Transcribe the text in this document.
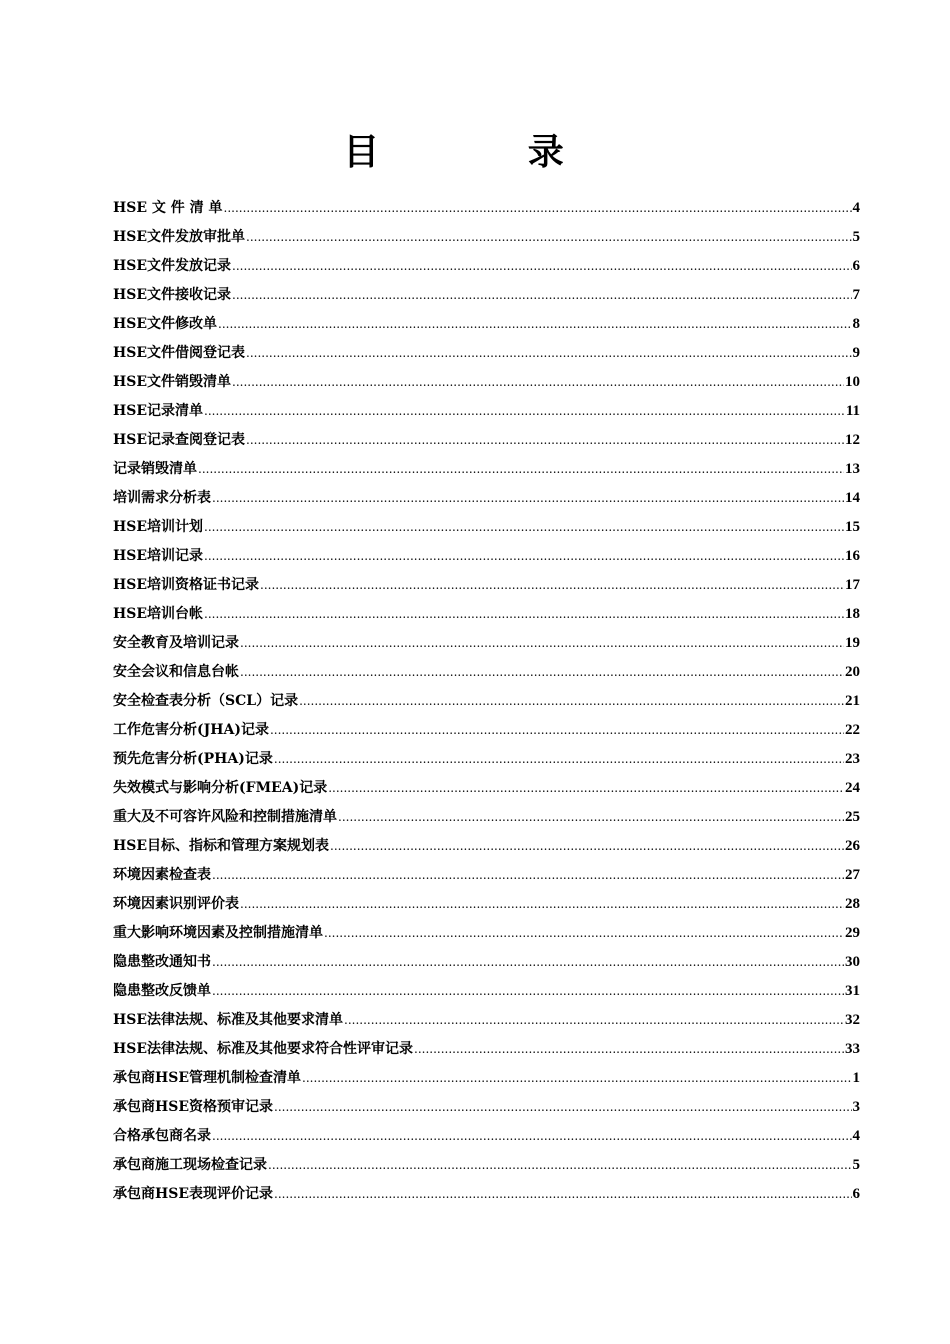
目 录
HSE 文 件 清 单 .....	4
HSE文件发放审批单 .....	5
HSE文件发放记录 .....	6
HSE文件接收记录 .....	7
HSE文件修改单 .....	8
HSE文件借阅登记表 .....	9
HSE文件销毁清单 .....	10
HSE记录清单 .....	11
HSE记录查阅登记表 .....	12
记录销毁清单 .....	13
培训需求分析表 .....	14
HSE培训计划 .....	15
HSE培训记录 .....	16
HSE培训资格证书记录 .....	17
HSE培训台帐 .....	18
安全教育及培训记录 .....	19
安全会议和信息台帐 .....	20
安全检查表分析（SCL）记录 .....	21
工作危害分析(JHA)记录 .....	22
预先危害分析(PHA)记录 .....	23
失效模式与影响分析(FMEA)记录 .....	24
重大及不可容许风险和控制措施清单 .....	25
HSE目标、指标和管理方案规划表 .....	26
环境因素检查表 .....	27
环境因素识别评价表 .....	28
重大影响环境因素及控制措施清单 .....	29
隐患整改通知书 .....	30
隐患整改反馈单 .....	31
HSE法律法规、标准及其他要求清单 .....	32
HSE法律法规、标准及其他要求符合性评审记录 .....	33
承包商HSE管理机制检查清单 .....	1
承包商HSE资格预审记录 .....	3
合格承包商名录 .....	4
承包商施工现场检查记录 .....	5
承包商HSE表现评价记录 .....	6
